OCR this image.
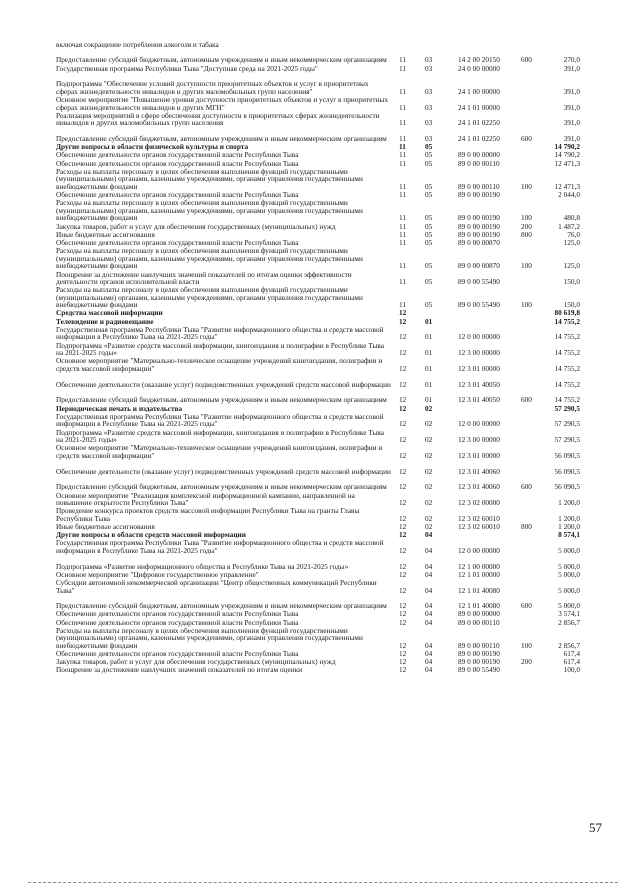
включая сокращение потребления алкоголя и табака
Предоставление субсидий бюджетным, автономным учреждениям и иным некоммерческим организациям	11	03	14 2 00 20150	600	270,0
Государственная программа Республики Тыва "Доступная среда на 2021-2025 годы"	11	03	24 0 00 00000	391,0
Подпрограмма "Обеспечение условий доступности приоритетных объектов и услуг в приоритетных сферах жизнедеятельности инвалидов и других маломобильных групп населения"	11	03	24 1 00 00000	391,0
Основное мероприятие "Повышение уровня доступности приоритетных объектов и услуг в приоритетных сферах жизнедеятельности инвалидов и других МГН"	11	03	24 1 01 00000	391,0
Реализация мероприятий в сфере обеспечения доступности в приоритетных сферах жизнедеятельности инвалидов и других маломобильных групп населения	11	03	24 1 01 02250	391,0
Предоставление субсидий бюджетным, автономным учреждениям и иным некоммерческим организациям	11	03	24 1 01 02250	600	391,0
Другие вопросы в области физической культуры и спорта	11	05	14 790,2
Обеспечение деятельности органов государственной власти Республики Тыва	11	05	89 0 00 00000	14 790,2
Обеспечение деятельности органов государственной власти Республики Тыва	11	05	89 0 00 00110	12 471,3
Расходы на выплаты персоналу в целях обеспечения выполнения функций государственными (муниципальными) органами, казенными учреждениями, органами управления государственными внебюджетными фондами	11	05	89 0 00 00110	100	12 471,3
Обеспечение деятельности органов государственной власти Республики Тыва	11	05	89 0 00 00190	2 044,0
Расходы на выплаты персоналу в целях обеспечения выполнения функций государственными (муниципальными) органами, казенными учреждениями, органами управления государственными внебюджетными фондами	11	05	89 0 00 00190	100	480,8
Закупка товаров, работ и услуг для обеспечения государственных (муниципальных) нужд	11	05	89 0 00 00190	200	1 487,2
Иные бюджетные ассигнования	11	05	89 0 00 00190	800	76,0
Обеспечение деятельности органов государственной власти Республики Тыва	11	05	89 0 00 00870	125,0
Расходы на выплаты персоналу в целях обеспечения выполнения функций государственными (муниципальными) органами, казенными учреждениями, органами управления государственными внебюджетными фондами	11	05	89 0 00 00870	100	125,0
Поощрение за достижение наилучших значений показателей по итогам оценки эффективности деятельности органов исполнительной власти	11	05	89 0 00 55490	150,0
Расходы на выплаты персоналу в целях обеспечения выполнения функций государственными (муниципальными) органами, казенными учреждениями, органами управления государственными внебюджетными фондами	11	05	89 0 00 55490	100	150,0
Средства массовой информации	12	80 619,8
Телевидение и радиовещание	12	01	14 755,2
Государственная программа Республики Тыва "Развитие информационного общества и средств массовой информации в Республике Тыва на 2021-2025 годы"	12	01	12 0 00 00000	14 755,2
Подпрограмма «Развитие средств массовой информации, книгоиздания и полиграфии в Республике Тыва на 2021-2025 годы»	12	01	12 3 00 00000	14 755,2
Основное мероприятие "Материально-техническое оснащение учреждений книгоиздания, полиграфии и средств массовой информации"	12	01	12 3 01 00000	14 755,2
Обеспечение деятельности (оказание услуг) подведомственных учреждений средств массовой информации 12	01	12 3 01 40050	14 755,2
Предоставление субсидий бюджетным, автономным учреждениям и иным некоммерческим организациям	12	01	12 3 01 40050	600	14 755,2
Периодическая печать и издательства	12	02	57 290,5
Государственная программа Республики Тыва "Развитие информационного общества и средств массовой информации в Республике Тыва на 2021-2025 годы"	12	02	12 0 00 00000	57 290,5
Подпрограмма «Развитие средств массовой информации, книгоиздания и полиграфии в Республике Тыва на 2021-2025 годы»	12	02	12 3 00 00000	57 290,5
Основное мероприятие "Материально-техническое оснащение учреждений книгоиздания, полиграфии и средств массовой информации"	12	02	12 3 01 00000	56 090,5
Обеспечение деятельности (оказание услуг) подведомственных учреждений средств массовой информации 12	02	12 3 01 40060	56 090,5
Предоставление субсидий бюджетным, автономным учреждениям и иным некоммерческим организациям	12	02	12 3 01 40060	600	56 090,5
Основное мероприятие "Реализация комплексной информационной кампании, направленной на повышение открытости Республики Тыва"	12	02	12 3 02 00000	1 200,0
Проведение конкурса проектов средств массовой информации Республики Тыва на гранты Главы Республики Тыва	12	02	12 3 02 60010	1 200,0
Иные бюджетные ассигнования	12	02	12 3 02 60010	800	1 200,0
Другие вопросы в области средств массовой информации	12	04	8 574,1
Государственная программа Республики Тыва "Развитие информационного общества и средств массовой информации в Республике Тыва на 2021-2025 годы"	12	04	12 0 00 00000	5 000,0
Подпрограмма «Развитие информационного общества в Республике Тыва на 2021-2025 годы»	12	04	12 1 00 00000	5 000,0
Основное мероприятие "Цифровое государственное управление"	12	04	12 1 01 00000	5 000,0
Субсидии автономной некоммерческой организации "Центр общественных коммуникаций Республики Тыва"	12	04	12 1 01 40080	5 000,0
Предоставление субсидий бюджетным, автономным учреждениям и иным некоммерческим организациям	12	04	12 1 01 40080	600	5 000,0
Обеспечение деятельности органов государственной власти Республики Тыва	12	04	89 0 00 00000	3 574,1
Обеспечение деятельности органов государственной власти Республики Тыва	12	04	89 0 00 00110	2 856,7
Расходы на выплаты персоналу в целях обеспечения выполнения функций государственными (муниципальными) органами, казенными учреждениями, органами управления государственными внебюджетными фондами	12	04	89 0 00 00110	100	2 856,7
Обеспечение деятельности органов государственной власти Республики Тыва	12	04	89 0 00 00190	617,4
Закупка товаров, работ и услуг для обеспечения государственных (муниципальных) нужд	12	04	89 0 00 00190	200	617,4
Поощрение за достижение наилучших значений показателей по итогам оценки	12	04	89 0 00 55490	100,0
57
